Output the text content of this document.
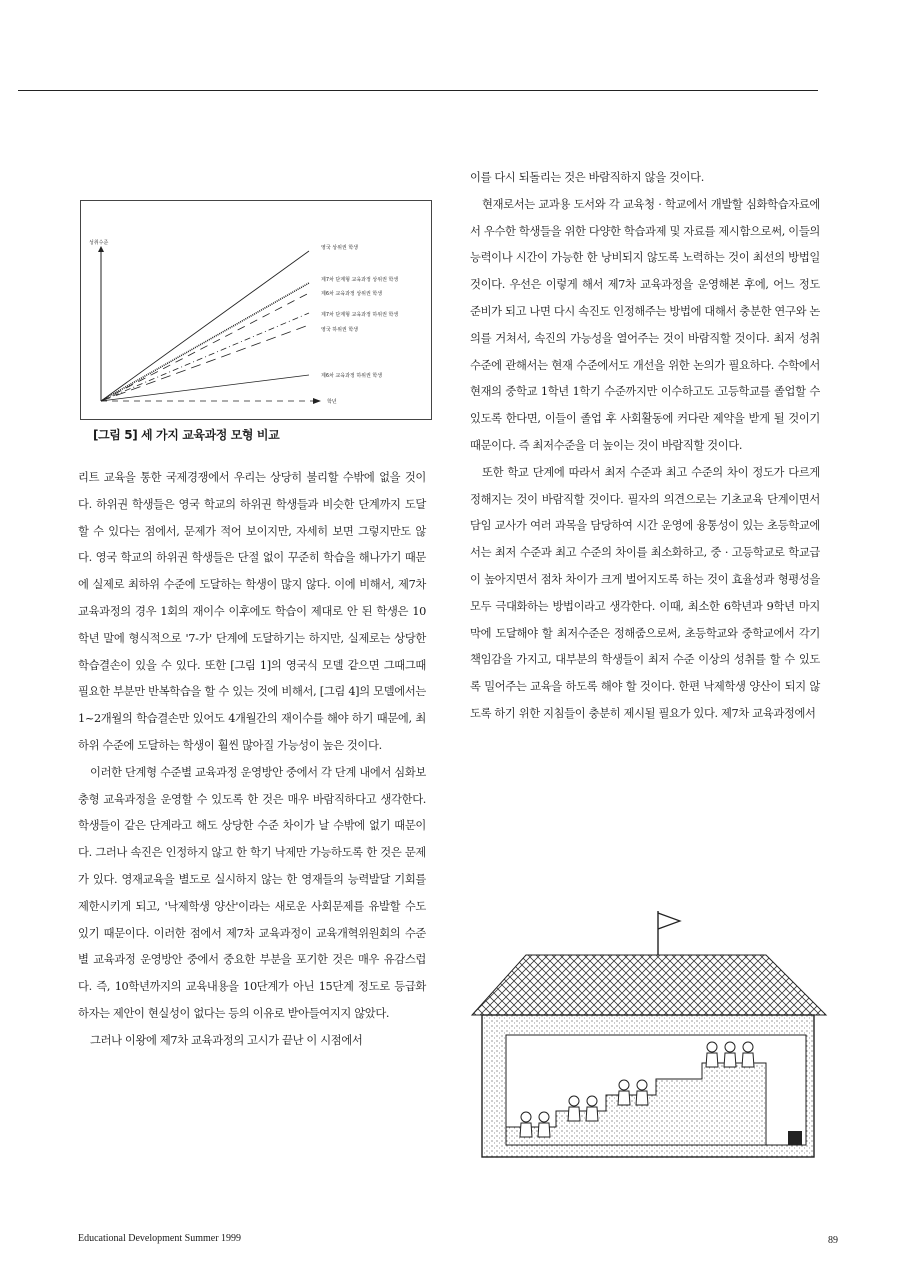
성취수준
학년
영국 상위권 학생
제7차 단계형 교육과정 상위권 학생
제6차 교육과정 상위권 학생
제7차 단계형 교육과정 하위권 학생
영국 하위권 학생
제6차 교육과정 하위권 학생
[그림 5] 세 가지 교육과정 모형 비교

리트 교육을 통한 국제경쟁에서 우리는 상당히 불리할 수밖에 없을 것이다. 하위권 학생들은 영국 학교의 하위권 학생들과 비슷한 단계까지 도달할 수 있다는 점에서, 문제가 적어 보이지만, 자세히 보면 그렇지만도 않다. 영국 학교의 하위권 학생들은 단절 없이 꾸준히 학습을 해나가기 때문에 실제로 최하위 수준에 도달하는 학생이 많지 않다. 이에 비해서, 제7차 교육과정의 경우 1회의 재이수 이후에도 학습이 제대로 안 된 학생은 10학년 말에 형식적으로 '7-가' 단계에 도달하기는 하지만, 실제로는 상당한 학습결손이 있을 수 있다. 또한 [그림 1]의 영국식 모델 같으면 그때그때 필요한 부분만 반복학습을 할 수 있는 것에 비해서, [그림 4]의 모델에서는 1~2개월의 학습결손만 있어도 4개월간의 재이수를 해야 하기 때문에, 최하위 수준에 도달하는 학생이 훨씬 많아질 가능성이 높은 것이다.

이러한 단계형 수준별 교육과정 운영방안 중에서 각 단계 내에서 심화보충형 교육과정을 운영할 수 있도록 한 것은 매우 바람직하다고 생각한다. 학생들이 같은 단계라고 해도 상당한 수준 차이가 날 수밖에 없기 때문이다. 그러나 속진은 인정하지 않고 한 학기 낙제만 가능하도록 한 것은 문제가 있다. 영재교육을 별도로 실시하지 않는 한 영재들의 능력발달 기회를 제한시키게 되고, '낙제학생 양산'이라는 새로운 사회문제를 유발할 수도 있기 때문이다. 이러한 점에서 제7차 교육과정이 교육개혁위원회의 수준별 교육과정 운영방안 중에서 중요한 부분을 포기한 것은 매우 유감스럽다. 즉, 10학년까지의 교육내용을 10단계가 아닌 15단계 정도로 등급화하자는 제안이 현실성이 없다는 등의 이유로 받아들여지지 않았다.

그러나 이왕에 제7차 교육과정의 고시가 끝난 이 시점에서

이를 다시 되돌리는 것은 바람직하지 않을 것이다.

현재로서는 교과용 도서와 각 교육청 · 학교에서 개발할 심화학습자료에서 우수한 학생들을 위한 다양한 학습과제 및 자료를 제시함으로써, 이들의 능력이나 시간이 가능한 한 낭비되지 않도록 노력하는 것이 최선의 방법일 것이다. 우선은 이렇게 해서 제7차 교육과정을 운영해본 후에, 어느 정도 준비가 되고 나면 다시 속진도 인정해주는 방법에 대해서 충분한 연구와 논의를 거쳐서, 속진의 가능성을 열어주는 것이 바람직할 것이다. 최저 성취수준에 관해서는 현재 수준에서도 개선을 위한 논의가 필요하다. 수학에서 현재의 중학교 1학년 1학기 수준까지만 이수하고도 고등학교를 졸업할 수 있도록 한다면, 이들이 졸업 후 사회활동에 커다란 제약을 받게 될 것이기 때문이다. 즉 최저수준을 더 높이는 것이 바람직할 것이다.

또한 학교 단계에 따라서 최저 수준과 최고 수준의 차이 정도가 다르게 정해지는 것이 바람직할 것이다. 필자의 의견으로는 기초교육 단계이면서 담임 교사가 여러 과목을 담당하여 시간 운영에 융통성이 있는 초등학교에서는 최저 수준과 최고 수준의 차이를 최소화하고, 중 · 고등학교로 학교급이 높아지면서 점차 차이가 크게 벌어지도록 하는 것이 효율성과 형평성을 모두 극대화하는 방법이라고 생각한다. 이때, 최소한 6학년과 9학년 마지막에 도달해야 할 최저수준은 정해줌으로써, 초등학교와 중학교에서 각기 책임감을 가지고, 대부분의 학생들이 최저 수준 이상의 성취를 할 수 있도록 밀어주는 교육을 하도록 해야 할 것이다. 한편 낙제학생 양산이 되지 않도록 하기 위한 지침들이 충분히 제시될 필요가 있다. 제7차 교육과정에서

Educational Development Summer 1999	89
